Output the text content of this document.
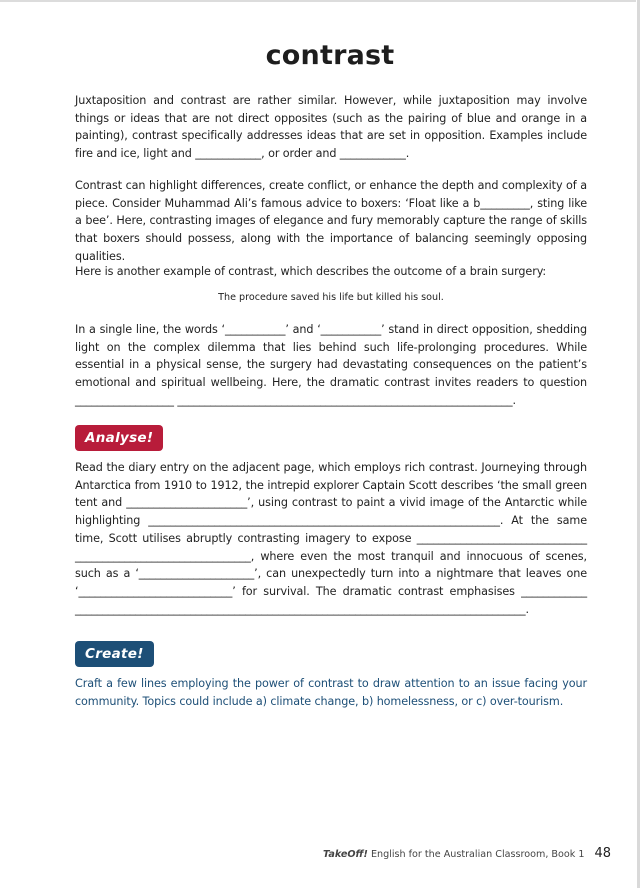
contrast

Juxtaposition and contrast are rather similar. However, while juxtaposition may involve things or ideas that are not direct opposites (such as the pairing of blue and orange in a painting), contrast specifically addresses ideas that are set in opposition. Examples include fire and ice, light and ____________, or order and ____________.

Contrast can highlight differences, create conflict, or enhance the depth and complexity of a piece. Consider Muhammad Ali’s famous advice to boxers: ‘Float like a b_________, sting like a bee’. Here, contrasting images of elegance and fury memorably capture the range of skills that boxers should possess, along with the importance of balancing seemingly opposing qualities.

Here is another example of contrast, which describes the outcome of a brain surgery:

The procedure saved his life but killed his soul.

In a single line, the words ‘___________’ and ‘___________’ stand in direct opposition, shedding light on the complex dilemma that lies behind such life-prolonging procedures. While essential in a physical sense, the surgery had devastating consequences on the patient’s emotional and spiritual wellbeing. Here, the dramatic contrast invites readers to question __________________ _____________________________________________________________.

Analyse!

Read the diary entry on the adjacent page, which employs rich contrast. Journeying through Antarctica from 1910 to 1912, the intrepid explorer Captain Scott describes ‘the small green tent and ______________________’, using contrast to paint a vivid image of the Antarctic while highlighting ________________________________________________________________. At the same time, Scott utilises abruptly contrasting imagery to expose _______________________________ ________________________________, where even the most tranquil and innocuous of scenes, such as a ‘_____________________’, can unexpectedly turn into a nightmare that leaves one ‘____________________________’ for survival. The dramatic contrast emphasises ____________ __________________________________________________________________________________.

Create!

Craft a few lines employing the power of contrast to draw attention to an issue facing your community. Topics could include a) climate change, b) homelessness, or c) over-tourism.

TakeOff! English for the Australian Classroom, Book 1 48
